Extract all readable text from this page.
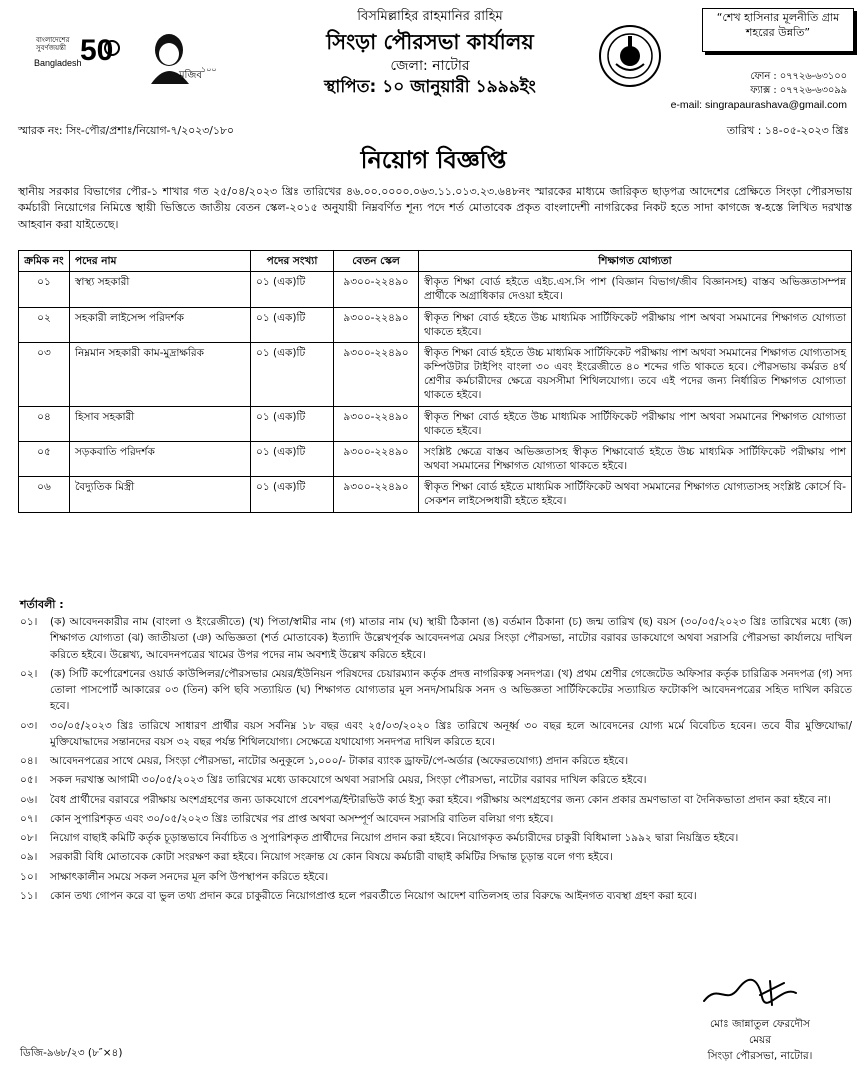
বাংলাদেশের
সুবর্ণজয়ন্তী
Bangladesh
50
মুজিব
১০০
বিসমিল্লাহির রাহমানির রাহিম
সিংড়া পৌরসভা কার্যালয়
জেলা: নাটোর
স্থাপিত: ১০ জানুয়ারী ১৯৯৯ইং
“শেখ হাসিনার মূলনীতি গ্রাম শহরের উন্নতি”
ফোন : ০৭৭২৬-৬৩১০০
ফ্যাক্স : ০৭৭২৬-৬৩০৯৯
e-mail: singrapaurashava@gmail.com
স্মারক নং: সিং-পৌর/প্রশাঃ/নিয়োগ-৭/২০২৩/১৮০	তারিখ : ১৪-০৫-২০২৩ খ্রিঃ
নিয়োগ বিজ্ঞপ্তি
স্থানীয় সরকার বিভাগের পৌর-১ শাখার গত ২৫/০৪/২০২৩ খ্রিঃ তারিখের ৪৬.০০.০০০০.০৬৩.১১.০১৩.২৩.৬৪৮নং স্মারকের মাধ্যমে জারিকৃত ছাড়পত্র আদেশের প্রেক্ষিতে সিংড়া পৌরসভায় কর্মচারী নিয়োগের নিমিত্তে স্থায়ী ভিত্তিতে জাতীয় বেতন স্কেল-২০১৫ অনুযায়ী নিম্নবর্ণিত শূন্য পদে শর্ত মোতাবেক প্রকৃত বাংলাদেশী নাগরিকের নিকট হতে সাদা কাগজে স্ব-হস্তে লিখিত দরখাস্ত আহবান করা যাইতেছে।
ক্রমিক নং	পদের নাম	পদের সংখ্যা	বেতন স্কেল	শিক্ষাগত যোগ্যতা
০১	স্বাস্থ্য সহকারী	০১ (এক)টি	৯৩০০-২২৪৯০	স্বীকৃত শিক্ষা বোর্ড হইতে এইচ.এস.সি পাশ (বিজ্ঞান বিভাগ/জীব বিজ্ঞানসহ) বাস্তব অভিজ্ঞতাসম্পন্ন প্রার্থীকে অগ্রাধিকার দেওয়া হইবে।
০২	সহকারী লাইসেন্স পরিদর্শক	০১ (এক)টি	৯৩০০-২২৪৯০	স্বীকৃত শিক্ষা বোর্ড হইতে উচ্চ মাধ্যমিক সার্টিফিকেট পরীক্ষায় পাশ অথবা সমমানের শিক্ষাগত যোগ্যতা থাকতে হইবে।
০৩	নিম্নমান সহকারী কাম-মুদ্রাক্ষরিক	০১ (এক)টি	৯৩০০-২২৪৯০	স্বীকৃত শিক্ষা বোর্ড হইতে উচ্চ মাধ্যমিক সার্টিফিকেট পরীক্ষায় পাশ অথবা সমমানের শিক্ষাগত যোগ্যতাসহ কম্পিউটার টাইপিং বাংলা ৩০ এবং ইংরেজীতে ৪০ শব্দের গতি থাকতে হবে। পৌরসভায় কর্মরত ৪র্থ শ্রেণীর কর্মচারীদের ক্ষেত্রে বয়সসীমা শিথিলযোগ্য। তবে এই পদের জন্য নির্ধারিত শিক্ষাগত যোগ্যতা থাকতে হইবে।
০৪	হিসাব সহকারী	০১ (এক)টি	৯৩০০-২২৪৯০	স্বীকৃত শিক্ষা বোর্ড হইতে উচ্চ মাধ্যমিক সার্টিফিকেট পরীক্ষায় পাশ অথবা সমমানের শিক্ষাগত যোগ্যতা থাকতে হইবে।
০৫	সড়কবাতি পরিদর্শক	০১ (এক)টি	৯৩০০-২২৪৯০	সংশ্লিষ্ট ক্ষেত্রে বাস্তব অভিজ্ঞতাসহ স্বীকৃত শিক্ষাবোর্ড হইতে উচ্চ মাধ্যমিক সার্টিফিকেট পরীক্ষায় পাশ অথবা সমমানের শিক্ষাগত যোগ্যতা থাকতে হইবে।
০৬	বৈদ্যুতিক মিস্ত্রী	০১ (এক)টি	৯৩০০-২২৪৯০	স্বীকৃত শিক্ষা বোর্ড হইতে মাধ্যমিক সার্টিফিকেট অথবা সমমানের শিক্ষাগত যোগ্যতাসহ সংশ্লিষ্ট কোর্সে বি-সেকশন লাইসেন্সধারী হইতে হইবে।
শর্তাবলী :
০১।	(ক) আবেদনকারীর নাম (বাংলা ও ইংরেজীতে) (খ) পিতা/স্বামীর নাম (গ) মাতার নাম (ঘ) স্থায়ী ঠিকানা (ঙ) বর্তমান ঠিকানা (চ) জন্ম তারিখ (ছ) বয়স (৩০/০৫/২০২৩ খ্রিঃ তারিখের মধ্যে (জ) শিক্ষাগত যোগ্যতা (ঝ) জাতীয়তা (ঞ) অভিজ্ঞতা (শর্ত মোতাবেক) ইত্যাদি উল্লেখপূর্বক আবেদনপত্র মেয়র সিংড়া পৌরসভা, নাটোর বরাবর ডাকযোগে অথবা সরাসরি পৌরসভা কার্যালয়ে দাখিল করিতে হইবে। উল্লেখ্য, আবেদনপত্রের খামের উপর পদের নাম অবশ্যই উল্লেখ করিতে হইবে।
০২।	(ক) সিটি কর্পোরেশনের ওয়ার্ড কাউন্সিলর/পৌরসভার মেয়র/ইউনিয়ন পরিষদের চেয়ারম্যান কর্তৃক প্রদত্ত নাগরিকত্ব সনদপত্র। (খ) প্রথম শ্রেণীর গেজেটেড অফিসার কর্তৃক চারিত্রিক সনদপত্র (গ) সদ্য তোলা পাসপোর্ট আকারের ০৩ (তিন) কপি ছবি সত্যায়িত (ঘ) শিক্ষাগত যোগ্যতার মূল সনদ/সাময়িক সনদ ও অভিজ্ঞতা সার্টিফিকেটের সত্যায়িত ফটোকপি আবেদনপত্রের সহিত দাখিল করিতে হবে।
০৩।	৩০/০৫/২০২৩ খ্রিঃ তারিখে সাধারণ প্রার্থীর বয়স সর্বনিম্ন ১৮ বছর এবং ২৫/০৩/২০২০ খ্রিঃ তারিখে অনূর্ধ্ব ৩০ বছর হলে আবেদনের যোগ্য মর্মে বিবেচিত হবেন। তবে বীর মুক্তিযোদ্ধা/মুক্তিযোদ্ধাদের সন্তানদের বয়স ৩২ বছর পর্যন্ত শিথিলযোগ্য। সেক্ষেত্রে যথাযোগ্য সনদপত্র দাখিল করিতে হবে।
০৪।	আবেদনপত্রের সাথে মেয়র, সিংড়া পৌরসভা, নাটোর অনুকূলে ১,০০০/- টাকার ব্যাংক ড্রাফট/পে-অর্ডার (অফেরতযোগ্য) প্রদান করিতে হইবে।
০৫।	সকল দরখাস্ত আগামী ৩০/০৫/২০২৩ খ্রিঃ তারিখের মধ্যে ডাকযোগে অথবা সরাসরি মেয়র, সিংড়া পৌরসভা, নাটোর বরাবর দাখিল করিতে হইবে।
০৬।	বৈধ প্রার্থীদের বরাবরে পরীক্ষায় অংশগ্রহণের জন্য ডাকযোগে প্রবেশপত্র/ইন্টারভিউ কার্ড ইস্যু করা হইবে। পরীক্ষায় অংশগ্রহণের জন্য কোন প্রকার ভ্রমণভাতা বা দৈনিকভাতা প্রদান করা হইবে না।
০৭।	কোন সুপারিশকৃত এবং ৩০/০৫/২০২৩ খ্রিঃ তারিখের পর প্রাপ্ত অথবা অসম্পূর্ণ আবেদন সরাসরি বাতিল বলিয়া গণ্য হইবে।
০৮।	নিয়োগ বাছাই কমিটি কর্তৃক চূড়ান্তভাবে নির্বাচিত ও সুপারিশকৃত প্রার্থীদের নিয়োগ প্রদান করা হইবে। নিয়োগকৃত কর্মচারীদের চাকুরী বিধিমালা ১৯৯২ দ্বারা নিয়ন্ত্রিত হইবে।
০৯।	সরকারী বিধি মোতাবেক কোটা সংরক্ষণ করা হইবে। নিয়োগ সংক্রান্ত যে কোন বিষয়ে কর্মচারী বাছাই কমিটির সিদ্ধান্ত চূড়ান্ত বলে গণ্য হইবে।
১০।	সাক্ষাৎকালীন সময়ে সকল সনদের মূল কপি উপস্থাপন করিতে হইবে।
১১।	কোন তথ্য গোপন করে বা ভুল তথ্য প্রদান করে চাকুরীতে নিয়োগপ্রাপ্ত হলে পরবর্তীতে নিয়োগ আদেশ বাতিলসহ তার বিরুদ্ধে আইনগত ব্যবস্থা গ্রহণ করা হবে।
মোঃ জান্নাতুল ফেরদৌস
মেয়র
সিংড়া পৌরসভা, নাটোর।
ডিজি-৯৬৮/২৩ (৮″×৪)
